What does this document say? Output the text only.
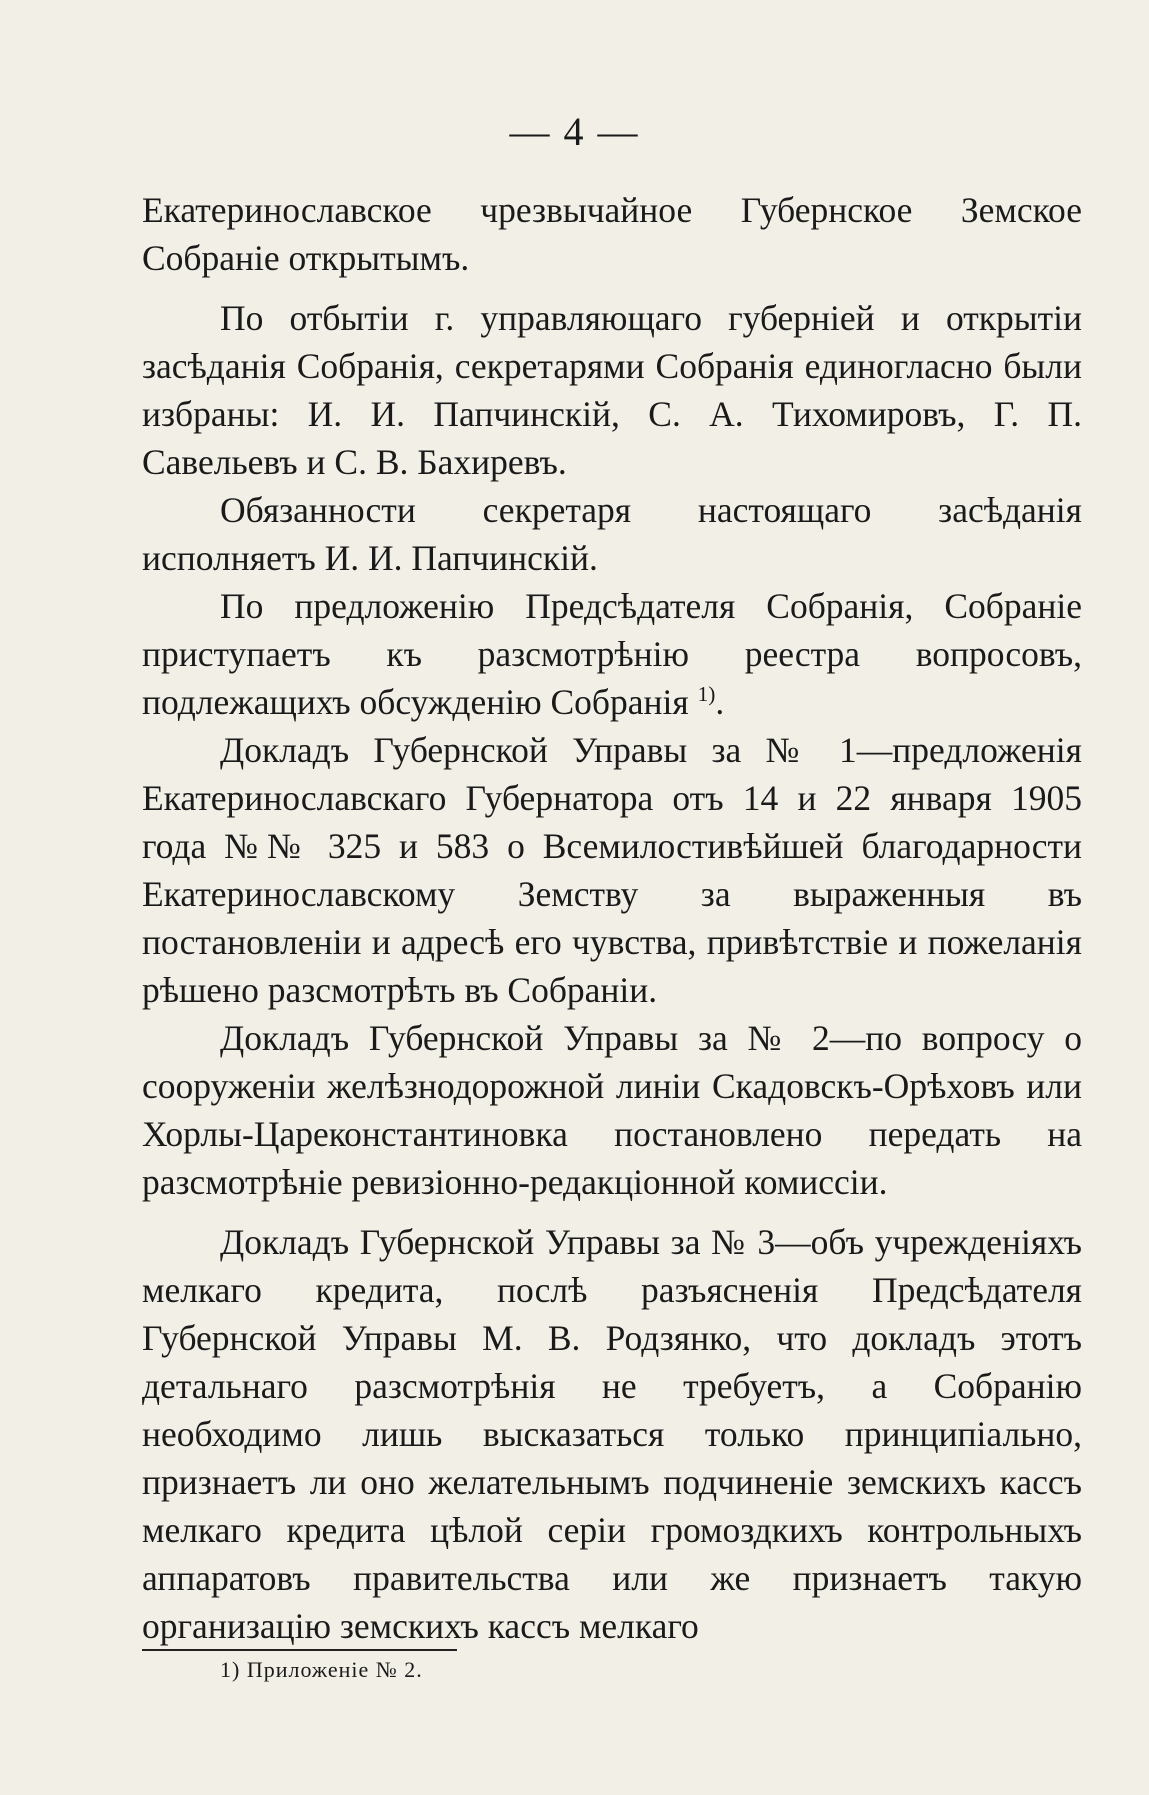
— 4 —

Екатеринославское чрезвычайное Губернское Земское Собраніе открытымъ.

По отбытіи г. управляющаго губерніей и открытіи засѣданія Собранія, секретарями Собранія единогласно были избраны: И. И. Папчинскій, С. А. Тихомировъ, Г. П. Савельевъ и С. В. Бахиревъ.

Обязанности секретаря настоящаго засѣданія исполняетъ И. И. Папчинскій.

По предложенію Предсѣдателя Собранія, Собраніе приступаетъ къ разсмотрѣнію реестра вопросовъ, подлежащихъ обсужденію Собранія $^{1)}$.

Докладъ Губернской Управы за № 1—предложенія Екатеринославскаго Губернатора отъ 14 и 22 января 1905 года №№ 325 и 583 о Всемилостивѣйшей благодарности Екатеринославскому Земству за выраженныя въ постановленіи и адресѣ его чувства, привѣтствіе и пожеланія рѣшено разсмотрѣть въ Собраніи.

Докладъ Губернской Управы за № 2—по вопросу о сооруженіи желѣзнодорожной линіи Скадовскъ-Орѣховъ или Хорлы-Цареконстантиновка постановлено передать на разсмотрѣніе ревизіонно-редакціонной комиссіи.

Докладъ Губернской Управы за № 3—объ учрежденіяхъ мелкаго кредита, послѣ разъясненія Предсѣдателя Губернской Управы М. В. Родзянко, что докладъ этотъ детальнаго разсмотрѣнія не требуетъ, а Собранію необходимо лишь высказаться только принципіально, признаетъ ли оно желательнымъ подчиненіе земскихъ кассъ мелкаго кредита цѣлой серіи громоздкихъ контрольныхъ аппаратовъ правительства или же признаетъ такую организацію земскихъ кассъ мелкаго

1) Приложеніе № 2.
